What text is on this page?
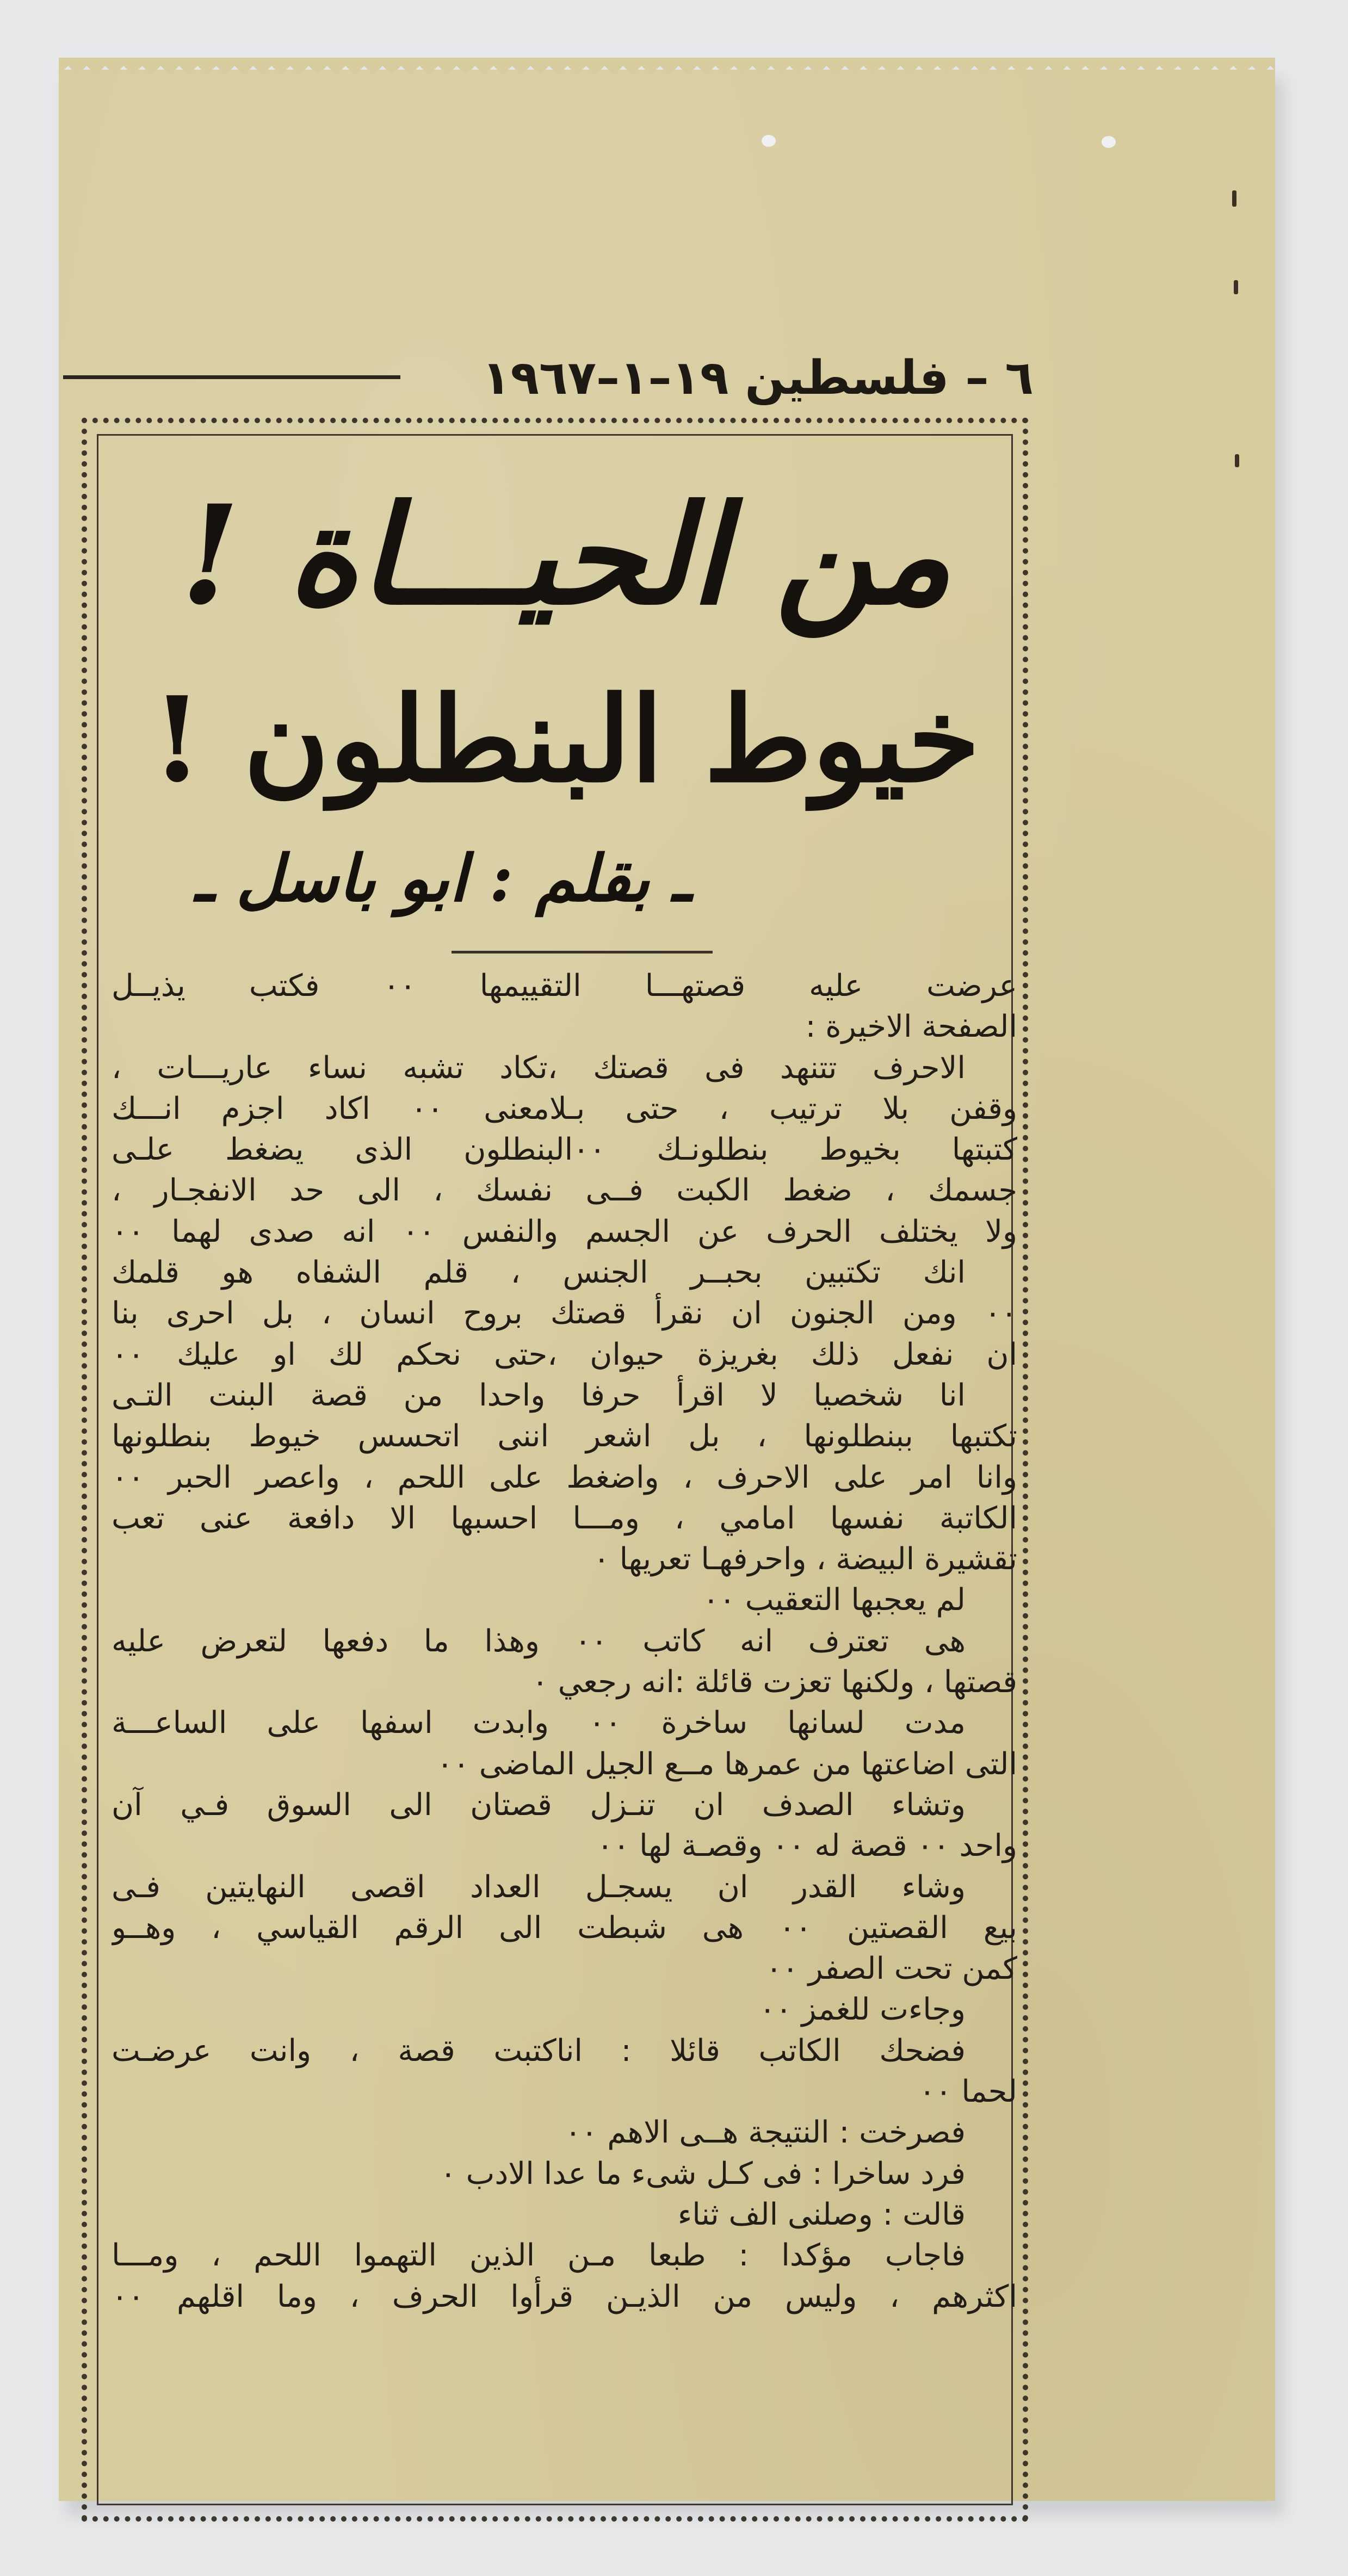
٦ – فلسطين ١٩–١–١٩٦٧
من الحيـــاة !
خيوط البنطلون !
ـ بقلم : ابو باسل ـ
عرضت عليه قصتهـــا التقييمها ٠٠ فكتب يذيــل
الصفحة الاخيرة :
الاحرف تتنهد فى قصتك ،تكاد تشبه نساء عاريـــات ،
وقفن بلا ترتيب ، حتى بـلامعنى ٠٠ اكاد اجزم انـــك
كتبتها بخيوط بنطلونـك ٠٠البنطلون الذى يضغط علـى
جسمك ، ضغط الكبت فــى نفسك ، الى حد الانفجـار ،
ولا يختلف الحرف عن الجسم والنفس ٠٠ انه صدى لهما ٠٠
انك تكتبين بحبــر الجنس ، قلم الشفاه هو قلمك
٠٠ ومن الجنون ان نقرأ قصتك بروح انسان ، بل احرى بنا
ان نفعل ذلك بغريزة حيوان ،حتى نحكم لك او عليك ٠٠
انا شخصيا لا اقرأ حرفا واحدا من قصة البنت التـى
تكتبها ببنطلونها ، بل اشعر اننى اتحسس خيوط بنطلونها
وانا امر على الاحرف ، واضغط على اللحم ، واعصر الحبر ٠٠
الكاتبة نفسها امامي ، ومـــا احسبها الا دافعة عنى تعب
تقشيرة البيضة ، واحرفهـا تعريها ٠
لم يعجبها التعقيب ٠٠
هى تعترف انه كاتب ٠٠ وهذا ما دفعها لتعرض عليه
قصتها ، ولكنها تعزت قائلة :انه رجعي ٠
مدت لسانها ساخرة ٠٠ وابدت اسفها على الساعـــة
التى اضاعتها من عمرها مــع الجيل الماضى ٠٠
وتشاء الصدف ان تنـزل قصتان الى السوق فـي آن
واحد ٠٠ قصة له ٠٠ وقصـة لها ٠٠
وشاء القدر ان يسجـل العداد اقصى النهايتين فـى
بيع القصتين ٠٠ هى شبطت الى الرقم القياسي ، وهــو
كمن تحت الصفر ٠٠
وجاءت للغمز ٠٠
فضحك الكاتب قائلا : اناكتبت قصة ، وانت عرضـت
لحما ٠٠
فصرخت : النتيجة هــى الاهم ٠٠
فرد ساخرا : فى كـل شىء ما عدا الادب ٠
قالت : وصلنى الف ثناء
فاجاب مؤكدا : طبعا مـن الذين التهموا اللحم ، ومـــا
اكثرهم ، وليس من الذيـن قرأوا الحرف ، وما اقلهم ٠٠
